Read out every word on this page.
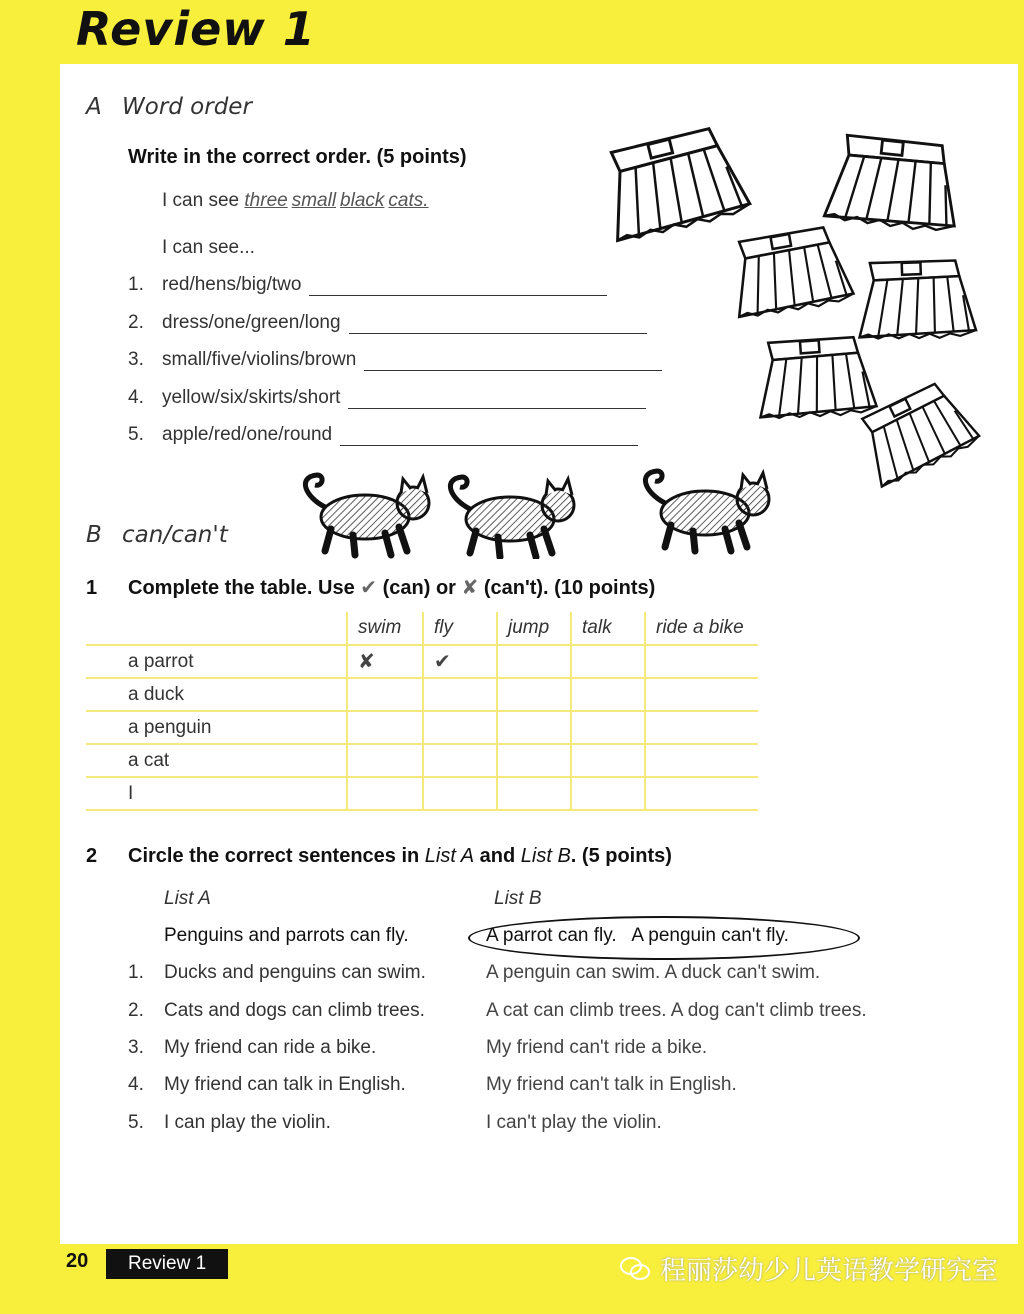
Review 1
A Word order
Write in the correct order. (5 points)
I can see three small black cats.
I can see...
1. red/hens/big/two
2. dress/one/green/long
3. small/five/violins/brown
4. yellow/six/skirts/short
5. apple/red/one/round
B can/can't
1 Complete the table. Use ✔ (can) or ✘ (can't). (10 points)
	swim	fly	jump	talk	ride a bike
a parrot	✘	✔			
a duck					
a penguin					
a cat					
I					
2 Circle the correct sentences in List A and List B. (5 points)
List A	List B
Penguins and parrots can fly.	A parrot can fly.   A penguin can't fly.
1. Ducks and penguins can swim.	A penguin can swim. A duck can't swim.
2. Cats and dogs can climb trees.	A cat can climb trees. A dog can't climb trees.
3. My friend can ride a bike.	My friend can't ride a bike.
4. My friend can talk in English.	My friend can't talk in English.
5. I can play the violin.	I can't play the violin.
20	Review 1	程丽莎幼少儿英语教学研究室
